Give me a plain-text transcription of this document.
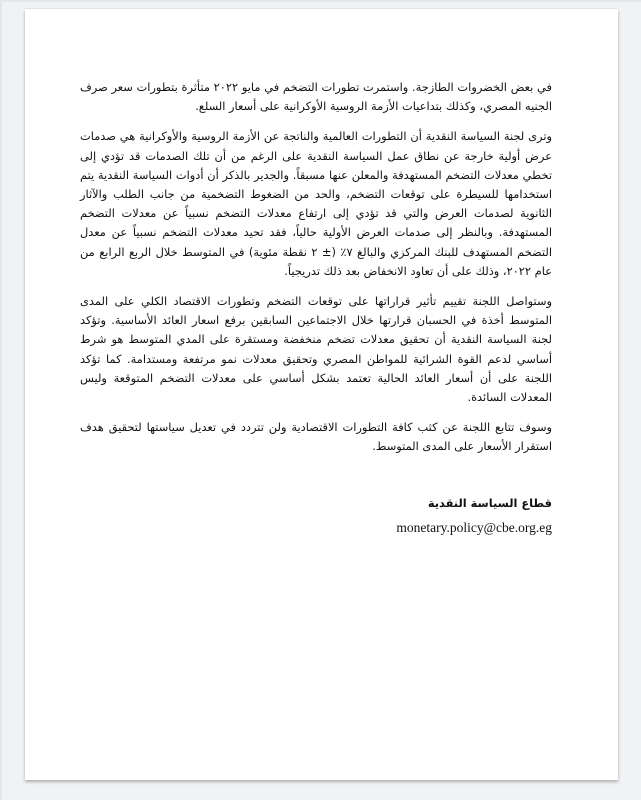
في بعض الخضروات الطازجة. واستمرت تطورات التضخم في مايو ٢٠٢٢ متأثرة بتطورات سعر صرف الجنيه المصري، وكذلك بتداعيات الأزمة الروسية الأوكرانية على أسعار السلع.

وترى لجنة السياسة النقدية أن التطورات العالمية والناتجة عن الأزمة الروسية والأوكرانية هي صدمات عرض أولية خارجة عن نطاق عمل السياسة النقدية على الرغم من أن تلك الصدمات قد تؤدي إلى تخطي معدلات التضخم المستهدفة والمعلن عنها مسبقاً. والجدير بالذكر أن أدوات السياسة النقدية يتم استخدامها للسيطرة على توقعات التضخم، والحد من الضغوط التضخمية من جانب الطلب والآثار الثانوية لصدمات العرض والتي قد تؤدي إلى ارتفاع معدلات التضخم نسبياً عن معدلات التضخم المستهدفة. وبالنظر إلى صدمات العرض الأولية حالياً، فقد تحيد معدلات التضخم نسبياً عن معدل التضخم المستهدف للبنك المركزي والبالغ ٧٪ (± ٢ نقطة مئوية) في المتوسط خلال الربع الرابع من عام ٢٠٢٢، وذلك على أن تعاود الانخفاض بعد ذلك تدريجياً.

وستواصل اللجنة تقييم تأثير قراراتها على توقعات التضخم وتطورات الاقتصاد الكلي على المدى المتوسط أخذة في الحسبان قرارتها خلال الاجتماعين السابقين برفع اسعار العائد الأساسية. وتؤكد لجنة السياسة النقدية أن تحقيق معدلات تضخم منخفضة ومستقرة على المدي المتوسط هو شرط أساسي لدعم القوة الشرائية للمواطن المصري وتحقيق معدلات نمو مرتفعة ومستدامة. كما تؤكد اللجنة على أن أسعار العائد الحالية تعتمد بشكل أساسي على معدلات التضخم المتوقعة وليس المعدلات السائدة.

وسوف تتابع اللجنة عن كثب كافة التطورات الاقتصادية ولن تتردد في تعديل سياستها لتحقيق هدف استقرار الأسعار على المدى المتوسط.

قطاع السياسة النقدية

monetary.policy@cbe.org.eg
